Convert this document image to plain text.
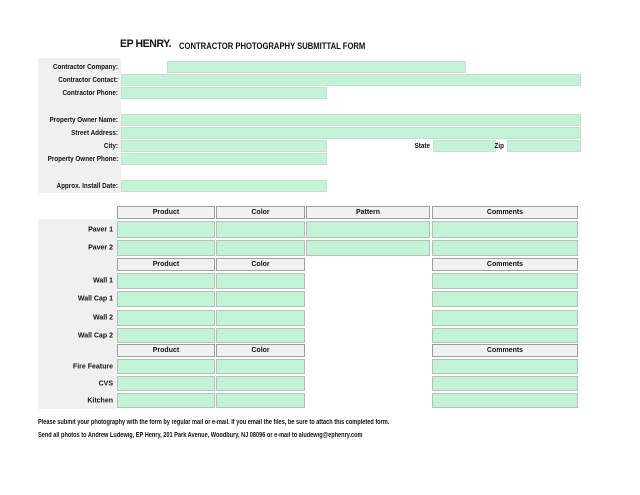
EP HENRY. CONTRACTOR PHOTOGRAPHY SUBMITTAL FORM
Contractor Company:
Contractor Contact:
Contractor Phone:
Property Owner Name:
Street Address:
City:	State	Zip
Property Owner Phone:
Approx. Install Date:
Product	Color	Pattern	Comments
Paver 1
Paver 2
Product	Color	Comments
Wall 1
Wall Cap 1
Wall 2
Wall Cap 2
Product	Color	Comments
Fire Feature
CVS
Kitchen
Please submit your photography with the form by regular mail or e-mail. If you email the files, be sure to attach this completed form.
Send all photos to Andrew Ludewig, EP Henry, 201 Park Avenue, Woodbury, NJ 08096 or e-mail to aludewig@ephenry.com
